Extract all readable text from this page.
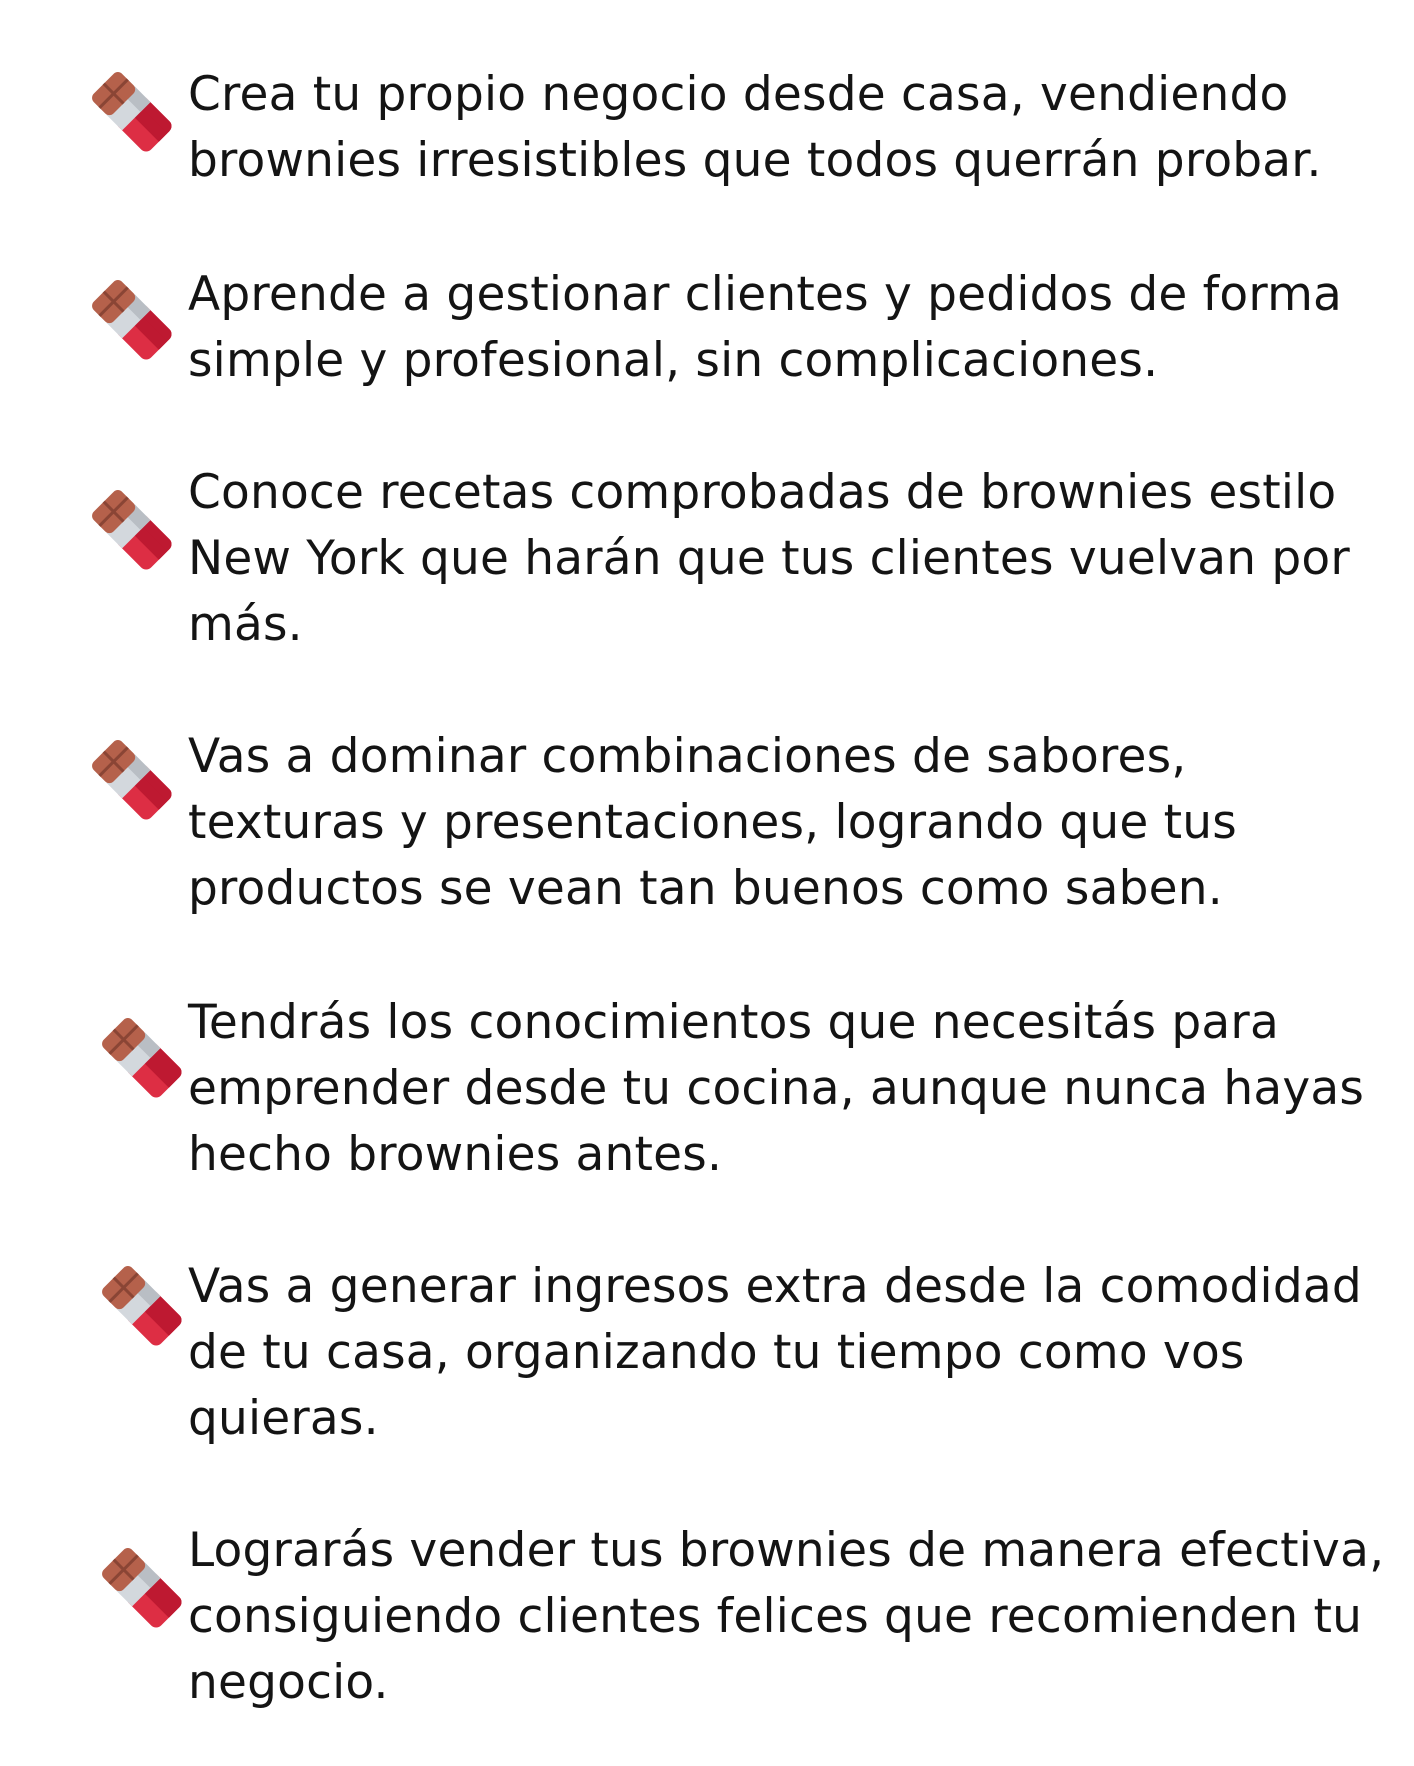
Crea tu propio negocio desde casa, vendiendo brownies irresistibles que todos querrán probar.

Aprende a gestionar clientes y pedidos de forma simple y profesional, sin complicaciones.

Conoce recetas comprobadas de brownies estilo New York que harán que tus clientes vuelvan por más.

Vas a dominar combinaciones de sabores, texturas y presentaciones, logrando que tus productos se vean tan buenos como saben.

Tendrás los conocimientos que necesitás para emprender desde tu cocina, aunque nunca hayas hecho brownies antes.

Vas a generar ingresos extra desde la comodidad de tu casa, organizando tu tiempo como vos quieras.

Lograrás vender tus brownies de manera efectiva, consiguiendo clientes felices que recomienden tu negocio.
